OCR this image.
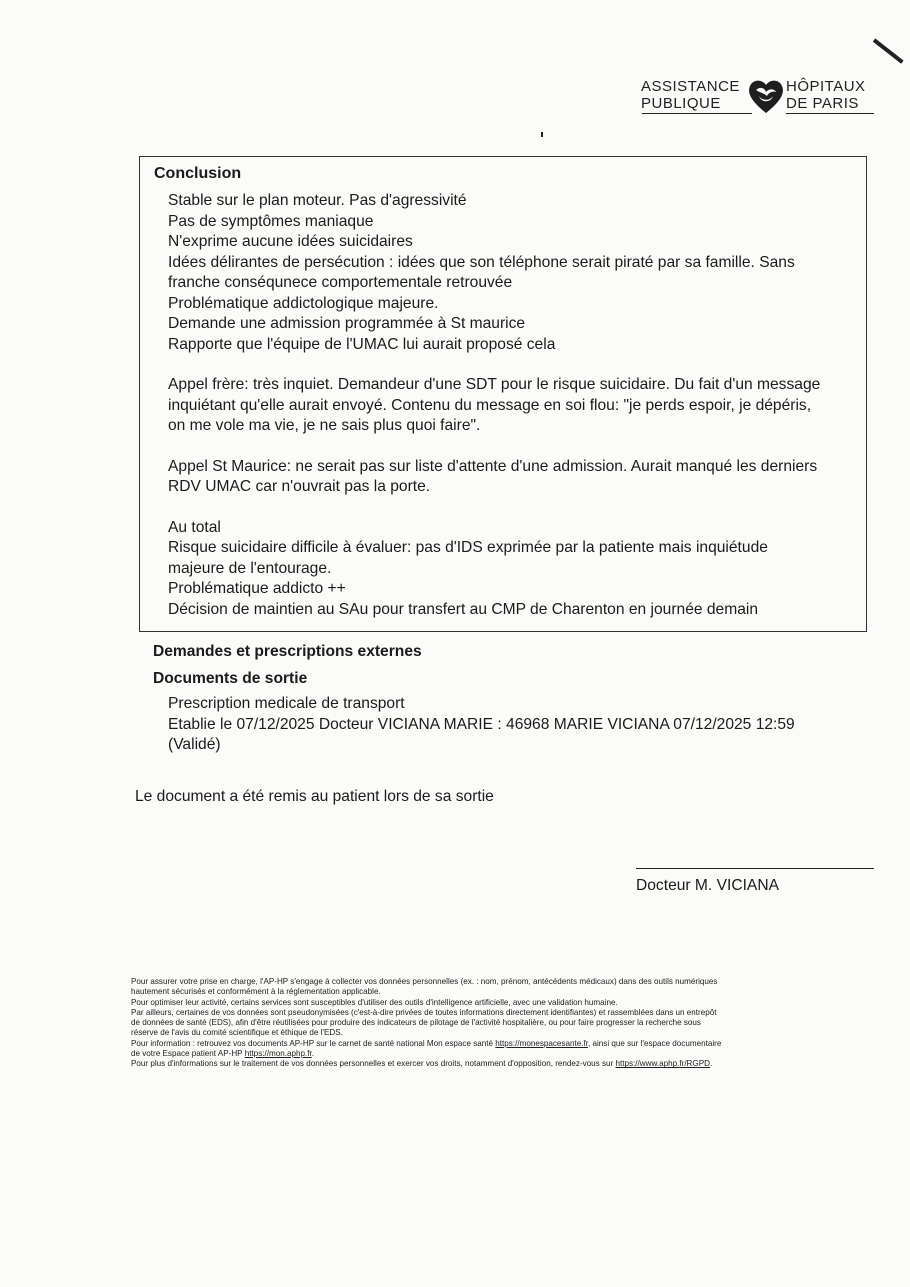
ASSISTANCE
PUBLIQUE
HÔPITAUX
DE PARIS
Conclusion
Stable sur le plan moteur. Pas d'agressivité
Pas de symptômes maniaque
N'exprime aucune idées suicidaires
Idées délirantes de persécution : idées que son téléphone serait piraté par sa famille. Sans
franche conséqunece comportementale retrouvée
Problématique addictologique majeure.
Demande une admission programmée à St maurice
Rapporte que l'équipe de l'UMAC lui aurait proposé cela
Appel frère: très inquiet. Demandeur d'une SDT pour le risque suicidaire. Du fait d'un message
inquiétant qu'elle aurait envoyé. Contenu du message en soi flou: "je perds espoir, je dépéris,
on me vole ma vie, je ne sais plus quoi faire".
Appel St Maurice: ne serait pas sur liste d'attente d'une admission. Aurait manqué les derniers
RDV UMAC car n'ouvrait pas la porte.
Au total
Risque suicidaire difficile à évaluer: pas d'IDS exprimée par la patiente mais inquiétude
majeure de l'entourage.
Problématique addicto ++
Décision de maintien au SAu pour transfert au CMP de Charenton en journée demain
Demandes et prescriptions externes
Documents de sortie
Prescription medicale de transport
Etablie le 07/12/2025 Docteur VICIANA MARIE : 46968 MARIE VICIANA 07/12/2025 12:59
(Validé)
Le document a été remis au patient lors de sa sortie
Docteur M. VICIANA
Pour assurer votre prise en charge, l'AP-HP s'engage à collecter vos données personnelles (ex. : nom, prénom, antécédents médicaux) dans des outils numériques
hautement sécurisés et conformément à la réglementation applicable.
Pour optimiser leur activité, certains services sont susceptibles d'utiliser des outils d'intelligence artificielle, avec une validation humaine.
Par ailleurs, certaines de vos données sont pseudonymisées (c'est-à-dire privées de toutes informations directement identifiantes) et rassemblées dans un entrepôt
de données de santé (EDS), afin d'être réutilisées pour produire des indicateurs de pilotage de l'activité hospitalière, ou pour faire progresser la recherche sous
réserve de l'avis du comité scientifique et éthique de l'EDS.
Pour information : retrouvez vos documents AP-HP sur le carnet de santé national Mon espace santé https://monespacesante.fr, ainsi que sur l'espace documentaire
de votre Espace patient AP-HP https://mon.aphp.fr.
Pour plus d'informations sur le traitement de vos données personnelles et exercer vos droits, notamment d'opposition, rendez-vous sur https://www.aphp.fr/RGPD.
